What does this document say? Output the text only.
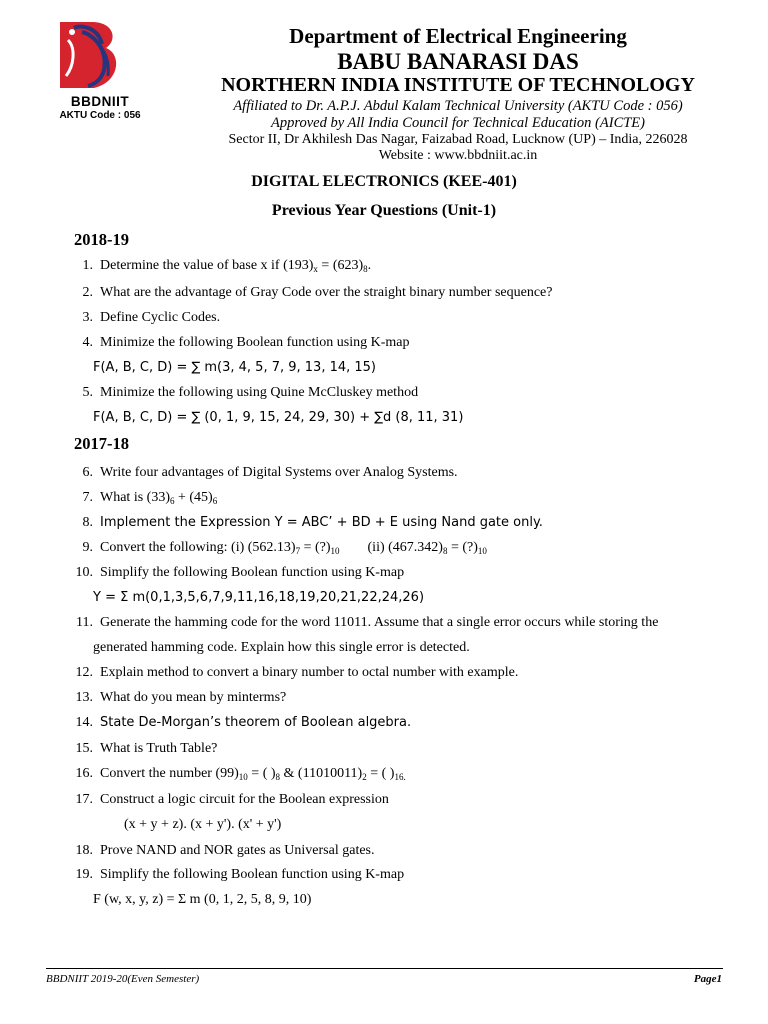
BBDNIIT
AKTU Code : 056
Department of Electrical Engineering
BABU BANARASI DAS
NORTHERN INDIA INSTITUTE OF TECHNOLOGY
Affiliated to Dr. A.P.J. Abdul Kalam Technical University (AKTU Code : 056)
Approved by All India Council for Technical Education (AICTE)
Sector II, Dr Akhilesh Das Nagar, Faizabad Road, Lucknow (UP) – India, 226028
Website : www.bbdniit.ac.in
DIGITAL ELECTRONICS (KEE-401)
Previous Year Questions (Unit-1)
2018-19
1. Determine the value of base x if $(193)_x = (623)_8$.
2. What are the advantage of Gray Code over the straight binary number sequence?
3. Define Cyclic Codes.
4. Minimize the following Boolean function using K-map
F(A, B, C, D) = ∑ m(3, 4, 5, 7, 9, 13, 14, 15)
5. Minimize the following using Quine McCluskey method
F(A, B, C, D) = ∑ (0, 1, 9, 15, 24, 29, 30) + ∑d (8, 11, 31)
2017-18
6. Write four advantages of Digital Systems over Analog Systems.
7. What is $(33)_6 + (45)_6$
8. Implement the Expression Y = ABC’ + BD + E using Nand gate only.
9. Convert the following: (i) $(562.13)_7$ = $(?)_{10}$ (ii) $(467.342)_8$ = $(?)_{10}$
10. Simplify the following Boolean function using K-map
Y = Σ m(0,1,3,5,6,7,9,11,16,18,19,20,21,22,24,26)
11. Generate the hamming code for the word 11011. Assume that a single error occurs while storing the
generated hamming code. Explain how this single error is detected.
12. Explain method to convert a binary number to octal number with example.
13. What do you mean by minterms?
14. State De-Morgan’s theorem of Boolean algebra.
15. What is Truth Table?
16. Convert the number $(99)_{10}$ = ( )$_8$ & $(11010011)_2$ = ( )$_{16.}$
17. Construct a logic circuit for the Boolean expression
(x + y + z). (x + y'). (x' + y')
18. Prove NAND and NOR gates as Universal gates.
19. Simplify the following Boolean function using K-map
F (w, x, y, z) = Σ m (0, 1, 2, 5, 8, 9, 10)
BBDNIIT 2019-20(Even Semester)	Page1
